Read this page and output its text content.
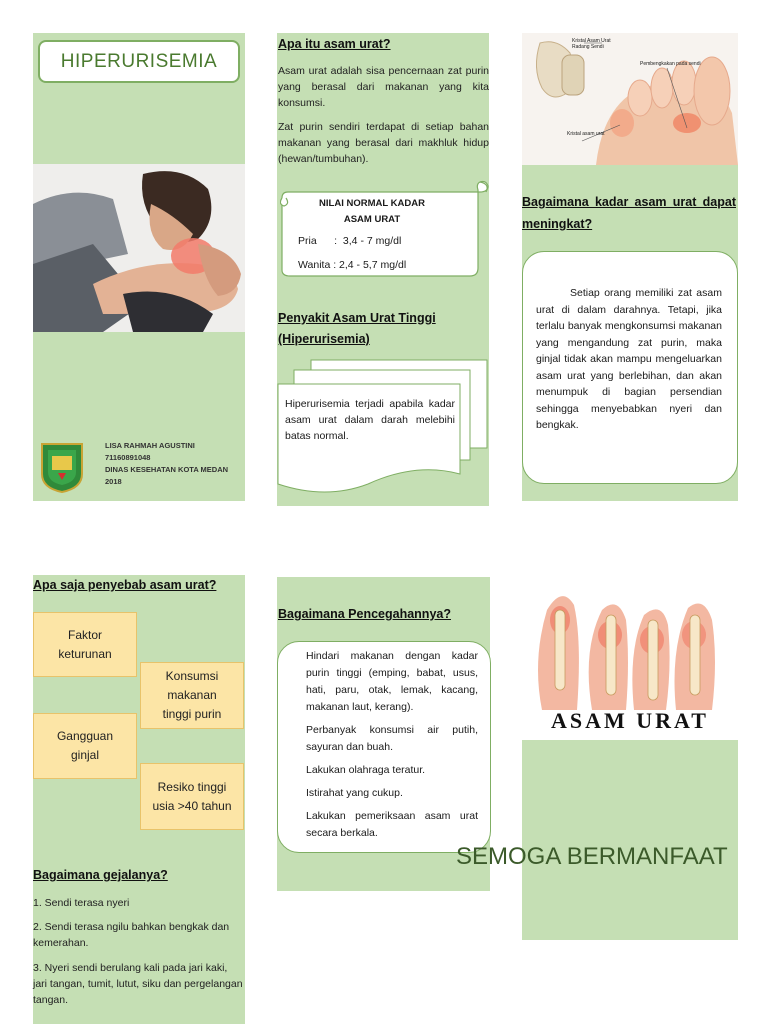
HIPERURISEMIA
LISA RAHMAH AGUSTINI
71160891048
DINAS KESEHATAN KOTA MEDAN
2018
Apa itu asam urat?
Asam urat adalah sisa pencernaan zat purin yang berasal dari makanan yang kita konsumsi.
Zat purin sendiri terdapat di setiap bahan makanan yang berasal dari makhluk hidup (hewan/tumbuhan).
NILAI NORMAL KADAR ASAM URAT
Pria      :  3,4 - 7 mg/dl
Wanita : 2,4 - 5,7 mg/dl
Penyakit Asam Urat Tinggi (Hiperurisemia)
Hiperurisemia terjadi apabila kadar asam urat dalam darah melebihi batas normal.
Kristal Asam Urat Radang Sendi
Pembengkakan pada sendi
Kristal asam urat
Bagaimana kadar asam urat dapat meningkat?
Setiap orang memiliki zat asam urat di dalam darahnya. Tetapi, jika terlalu banyak mengkonsumsi makanan yang mengandung zat purin, maka ginjal tidak akan mampu mengeluarkan asam urat yang berlebihan, dan akan menumpuk di bagian persendian sehingga menyebabkan nyeri dan bengkak.
Apa saja penyebab asam urat?
Faktor keturunan
Konsumsi makanan tinggi purin
Gangguan ginjal
Resiko tinggi usia >40 tahun
Bagaimana gejalanya?
1. Sendi terasa nyeri
2. Sendi terasa ngilu bahkan bengkak dan kemerahan.
3. Nyeri sendi berulang kali pada jari kaki, jari tangan, tumit, lutut, siku dan pergelangan tangan.
Bagaimana Pencegahannya?
Hindari makanan dengan kadar purin tinggi (emping, babat, usus, hati, paru, otak, lemak, kacang, makanan laut, kerang).
Perbanyak konsumsi air putih, sayuran dan buah.
Lakukan olahraga teratur.
Istirahat yang cukup.
Lakukan pemeriksaan asam urat secara berkala.
ASAM URAT
SEMOGA BERMANFAAT
